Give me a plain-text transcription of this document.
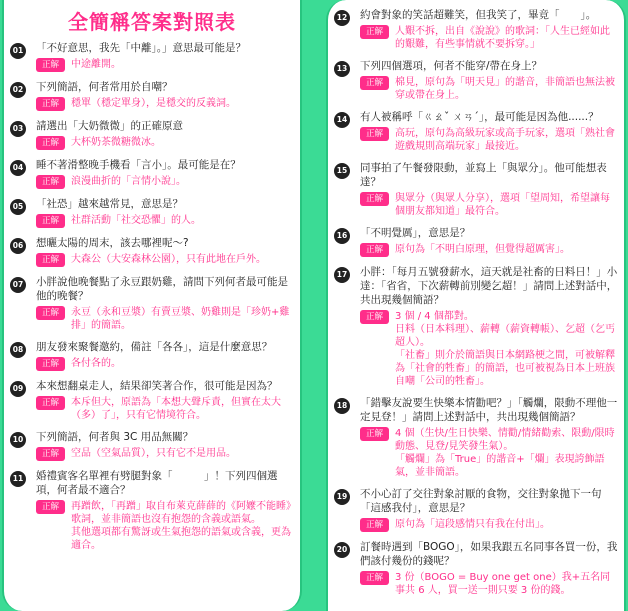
全簡稱答案對照表
01 「不好意思，我先「中離」。」意思最可能是？
正解	中途離開。

02 下列簡語，何者常用於自嘲？
正解	穩單（穩定單身），是穩交的反義詞。

03 請選出「大奶微微」的正確原意
正解	大杯奶茶微糖微冰。

04 睡不著滑整晚手機看「言小」。最可能是在？
正解	浪漫曲折的「言情小說」。

05 「社恐」越來越常見，意思是？
正解	社群活動「社交恐懼」的人。

06 想曬太陽的周末，該去哪裡呢～?
正解	大森公（大安森林公園），只有此地在戶外。

07 小胖說他晚餐點了永豆跟奶雞，請問下列何者最可能是他的晚餐？
正解	永豆（永和豆漿）有賣豆漿、奶雞則是「珍奶+雞排」的簡語。

08 朋友發來聚餐邀約，備註「各各」，這是什麼意思？
正解	各付各的。

09 本來想翻桌走人，結果卻笑著合作，很可能是因為？
正解	本斥但大，原語為「本想大聲斥責，但實在太大（多）了」，只有它情境符合。

10 下列簡語，何者與 3C 用品無關？
正解	空品（空氣品質），只有它不是用品。

11 婚禮賓客名單裡有劈腿對象「　　　」！下列四個選項，何者最不適合？
正解	再蹭飲，「再蹭」取自布萊克薛薛的《阿嬤不能睡》歌詞，並非簡語也沒有抱怨的含義或語氣。

其他選項都有驚訝或生氣抱怨的語氣或含義，更為適合。

12 約會對象的笑話超難笑，但我笑了，畢竟「　　」。
正解	人艱不拆，出自《說說》的歌詞：「人生已經如此的艱難，有些事情就不要拆穿。」

13 下列四個選項，何者不能穿/帶在身上？
正解	棉見，原句為「明天見」的諧音，非簡語也無法被穿或帶在身上。

14 有人被稱呼「ㄍㄠˇ ㄨㄢˊ」，最可能是因為他......？
正解	高玩，原句為高級玩家或高手玩家，選項「熟社會遊戲規則高端玩家」最接近。

15 同事拍了午餐發限動，並寫上「與眾分」。他可能想表達？
正解	與眾分（與眾人分享），選項「望周知，希望讓每個朋友都知道」最符合。

16 「不明覺厲」，意思是？
正解	原句為「不明白原理，但覺得超厲害」。

17 小胖：「每月五號發薪水，這天就是社畜的日料日！」小達：「省省，下次薪轉前別變乞超！」請問上述對話中，共出現幾個簡語？
正解	3 個 / 4 個都對。

日料（日本料理）、薪轉（薪資轉帳）、乞超（乞丐超人）。

「社畜」則介於簡語與日本網路梗之間，可被解釋為「社會的牲畜」的簡語，也可被視為日本上班族自嘲「公司的牲畜」。

18 「錯擊友說要生快樂本情勸吧？」「觸爛，限動不理他一定見登！」請問上述對話中，共出現幾個簡語？
正解	4 個（生快/生日快樂、情勸/情緒勸索、限動/限時動態、見登/見笑發生氣）。

「觸爛」為「True」的諧音+「爛」表現誇飾語氣，並非簡語。

19 不小心訂了交往對象討厭的食物，交往對象拋下一句「這感我付」，意思是？
正解	原句為「這段感情只有我在付出」。

20 訂餐時遇到「BOGO」，如果我跟五名同事各買一份，我們該付幾份的錢呢？
正解	3 份（BOGO = Buy one get one）我+五名同事共 6 人，買一送一則只要 3 份的錢。
